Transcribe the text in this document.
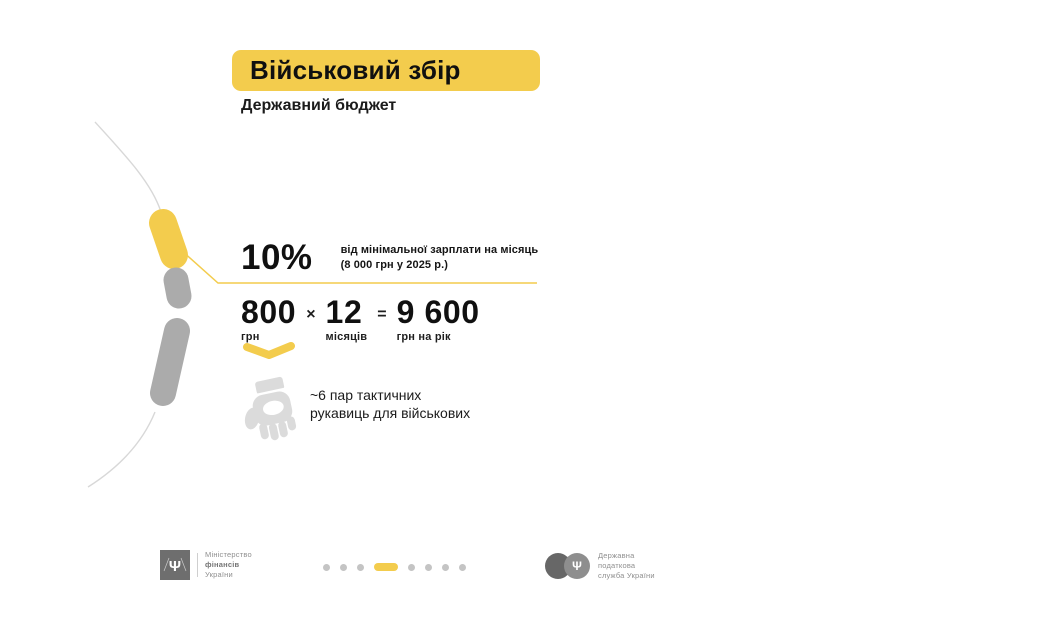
Військовий збір
Державний бюджет
10%	від мінімальної зарплати на місяць
(8 000 грн у 2025 р.)
800
грн
× 12
місяців
= 9 600
грн на рік
~6 пар тактичних
рукавиць для військових
Ψ
Міністерство
фінансів
України
Ψ
Державна
податкова
служба України
